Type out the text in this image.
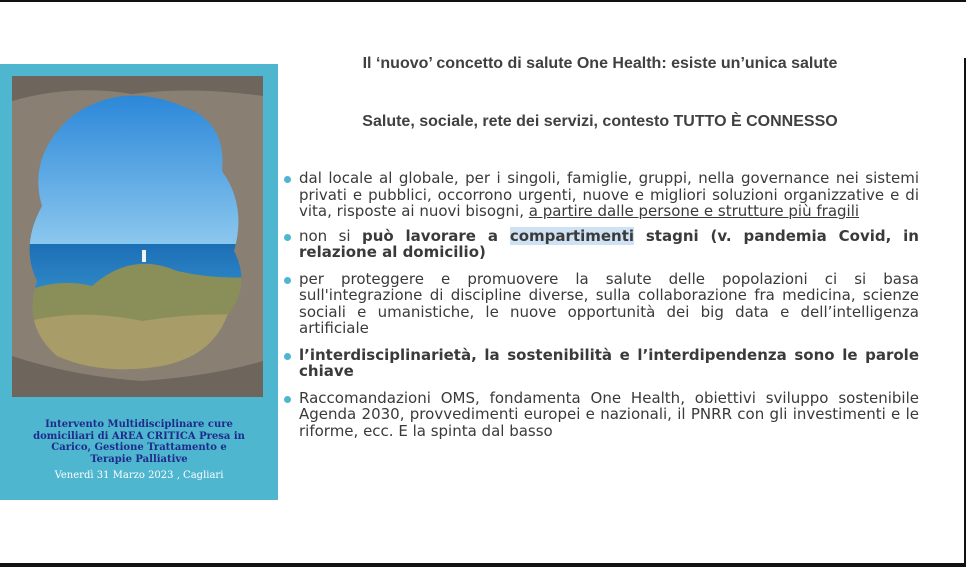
Intervento Multidisciplinare cure domiciliari di AREA CRITICA Presa in Carico, Gestione Trattamento e Terapie Palliative
Venerdì 31 Marzo 2023 , Cagliari
I Sessione PRESENTE E FUTURO DELLA ASSISTENZA TERRITORIALE
Il ‘nuovo’ concetto di salute One Health: esiste un’unica salute
Salute, sociale, rete dei servizi, contesto TUTTO È CONNESSO
dal locale al globale, per i singoli, famiglie, gruppi, nella governance nei sistemi privati e pubblici, occorrono urgenti, nuove e migliori soluzioni organizzative e di vita, risposte ai nuovi bisogni, a partire dalle persone e strutture più fragili
non si può lavorare a compartimenti stagni (v. pandemia Covid, in relazione al domicilio)
per proteggere e promuovere la salute delle popolazioni ci si basa sull'integrazione di discipline diverse, sulla collaborazione fra medicina, scienze sociali e umanistiche, le nuove opportunità dei big data e dell’intelligenza artificiale
l’interdisciplinarietà, la sostenibilità e l’interdipendenza sono le parole chiave
Raccomandazioni OMS, fondamenta One Health, obiettivi sviluppo sostenibile Agenda 2030, provvedimenti europei e nazionali, il PNRR con gli investimenti e le riforme, ecc. E la spinta dal basso
